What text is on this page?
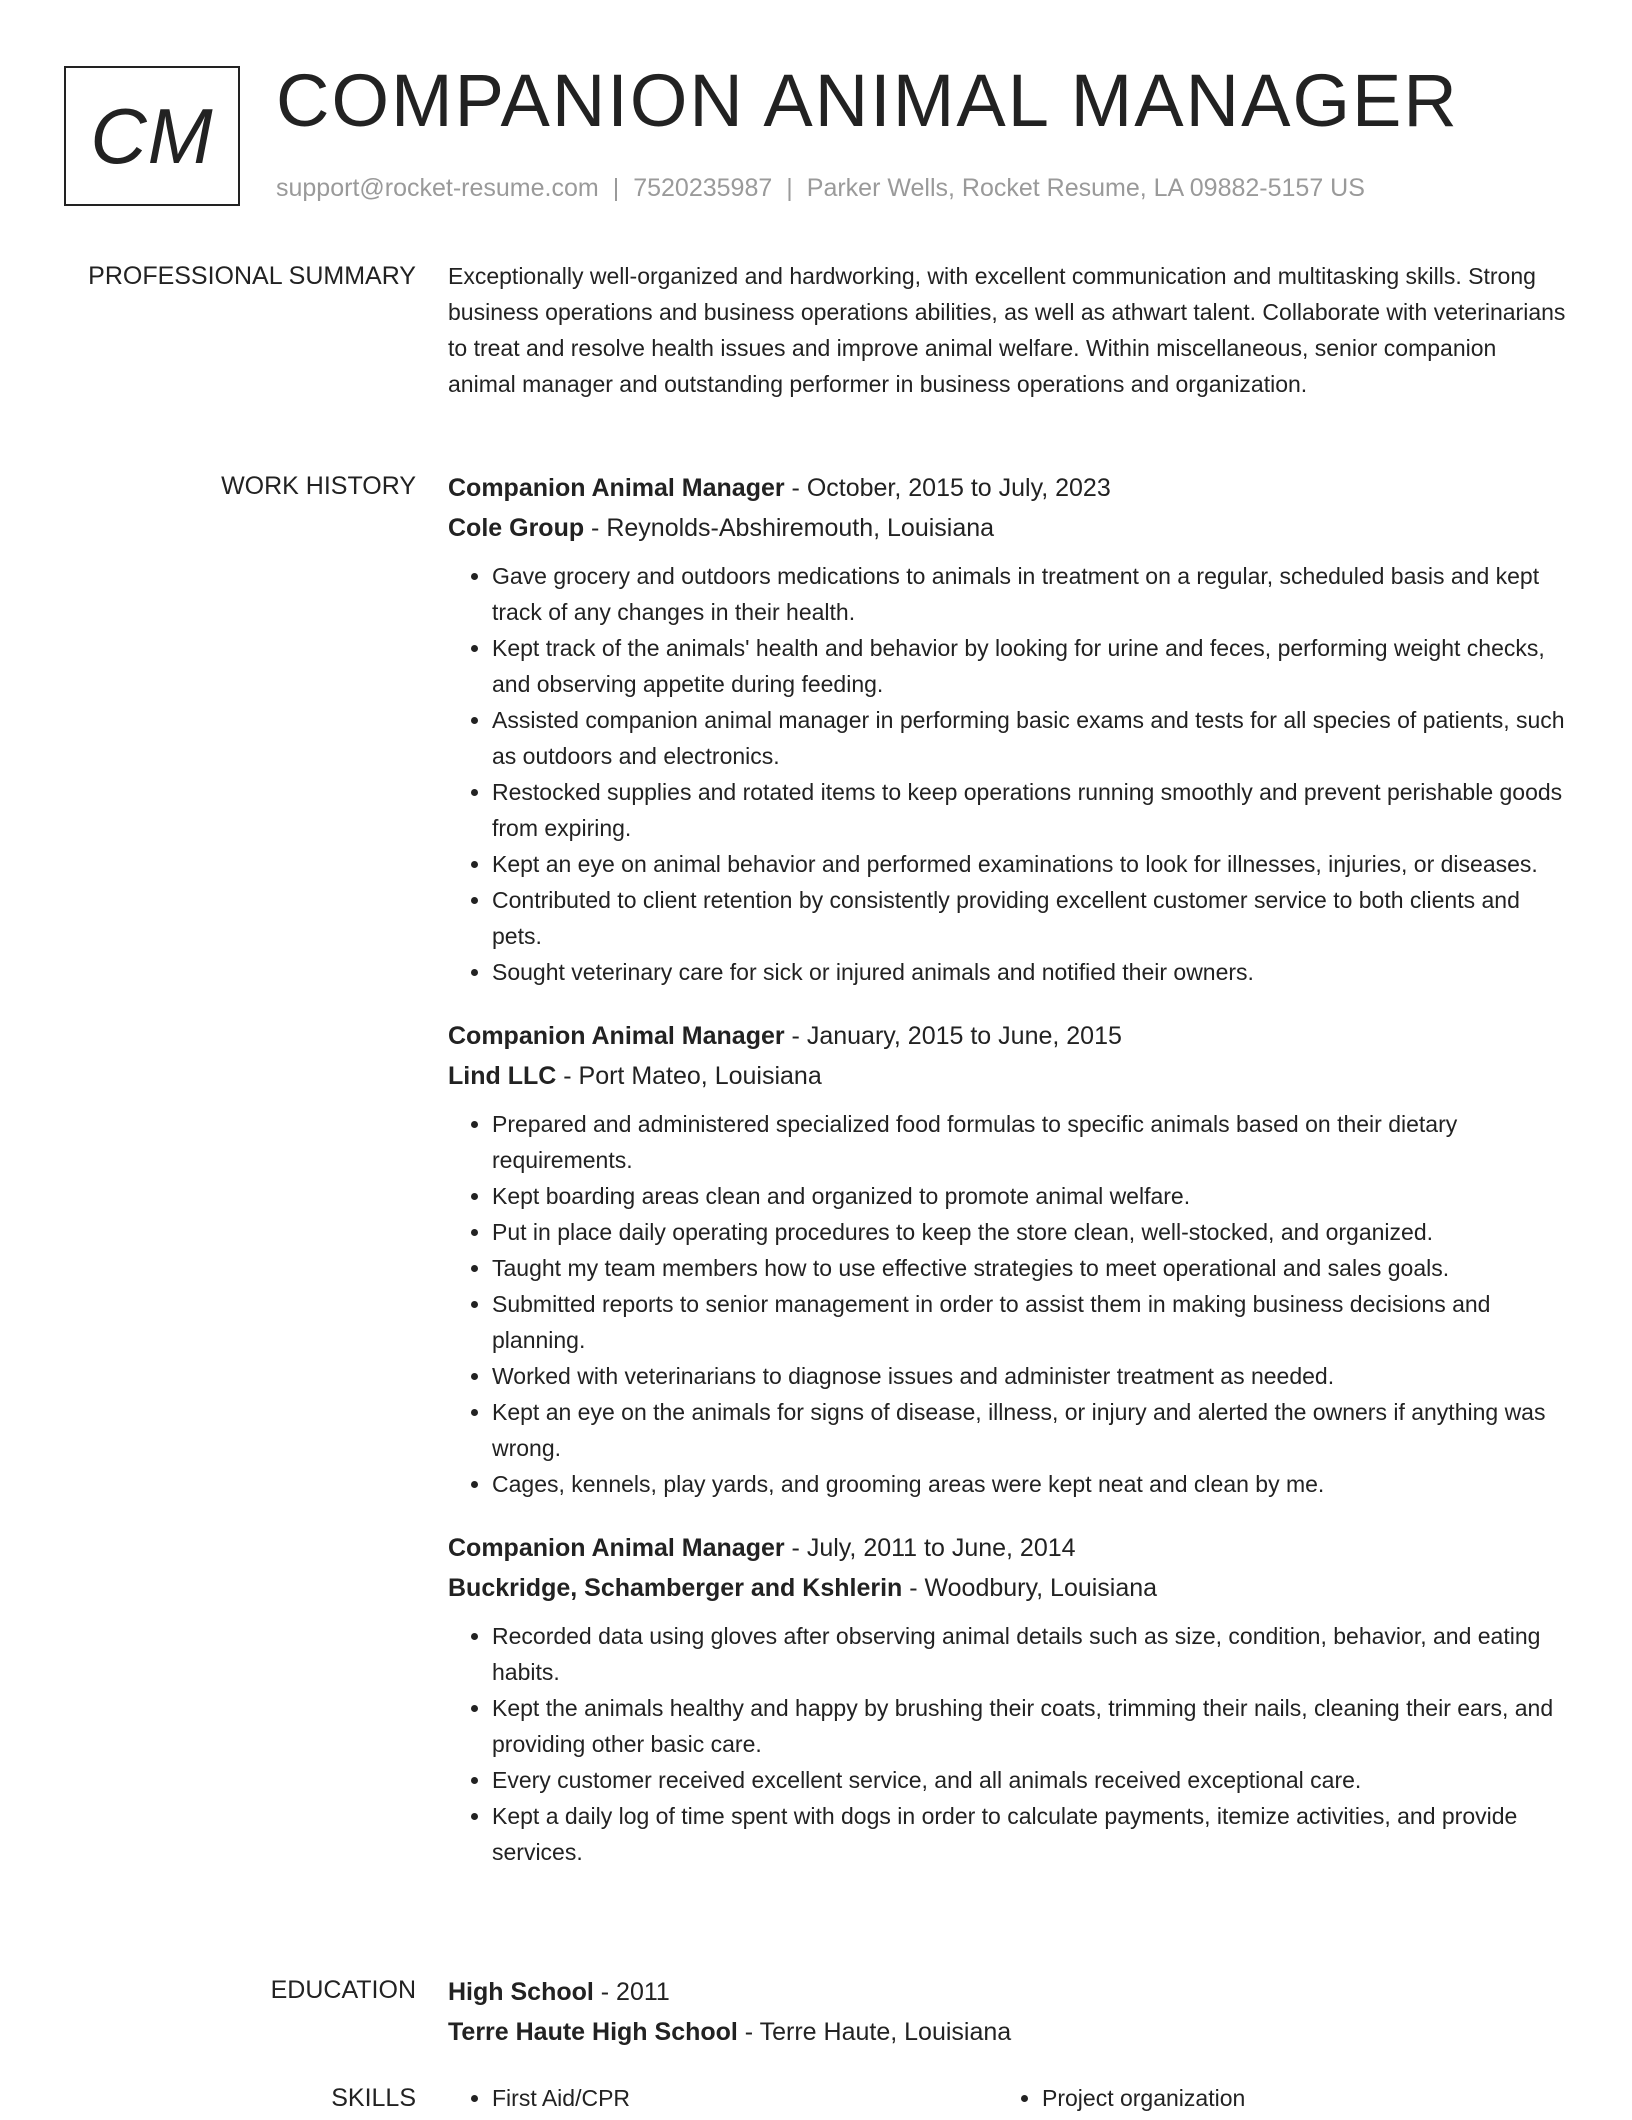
CM COMPANION ANIMAL MANAGER
support@rocket-resume.com | 7520235987 | Parker Wells, Rocket Resume, LA 09882-5157 US
PROFESSIONAL SUMMARY Exceptionally well-organized and hardworking, with excellent communication and multitasking skills. Strong business operations and business operations abilities, as well as athwart talent. Collaborate with veterinarians to treat and resolve health issues and improve animal welfare. Within miscellaneous, senior companion animal manager and outstanding performer in business operations and organization.

WORK HISTORY Companion Animal Manager - October, 2015 to July, 2023
Cole Group - Reynolds-Abshiremouth, Louisiana
• Gave grocery and outdoors medications to animals in treatment on a regular, scheduled basis and kept track of any changes in their health.
• Kept track of the animals' health and behavior by looking for urine and feces, performing weight checks, and observing appetite during feeding.
• Assisted companion animal manager in performing basic exams and tests for all species of patients, such as outdoors and electronics.
• Restocked supplies and rotated items to keep operations running smoothly and prevent perishable goods from expiring.
• Kept an eye on animal behavior and performed examinations to look for illnesses, injuries, or diseases.
• Contributed to client retention by consistently providing excellent customer service to both clients and pets.
• Sought veterinary care for sick or injured animals and notified their owners.
Companion Animal Manager - January, 2015 to June, 2015
Lind LLC - Port Mateo, Louisiana
• Prepared and administered specialized food formulas to specific animals based on their dietary requirements.
• Kept boarding areas clean and organized to promote animal welfare.
• Put in place daily operating procedures to keep the store clean, well-stocked, and organized.
• Taught my team members how to use effective strategies to meet operational and sales goals.
• Submitted reports to senior management in order to assist them in making business decisions and planning.
• Worked with veterinarians to diagnose issues and administer treatment as needed.
• Kept an eye on the animals for signs of disease, illness, or injury and alerted the owners if anything was wrong.
• Cages, kennels, play yards, and grooming areas were kept neat and clean by me.
Companion Animal Manager - July, 2011 to June, 2014
Buckridge, Schamberger and Kshlerin - Woodbury, Louisiana
• Recorded data using gloves after observing animal details such as size, condition, behavior, and eating habits.
• Kept the animals healthy and happy by brushing their coats, trimming their nails, cleaning their ears, and providing other basic care.
• Every customer received excellent service, and all animals received exceptional care.
• Kept a daily log of time spent with dogs in order to calculate payments, itemize activities, and provide services.
EDUCATION High School - 2011
Terre Haute High School - Terre Haute, Louisiana
SKILLS	• First Aid/CPR	• Project organization
